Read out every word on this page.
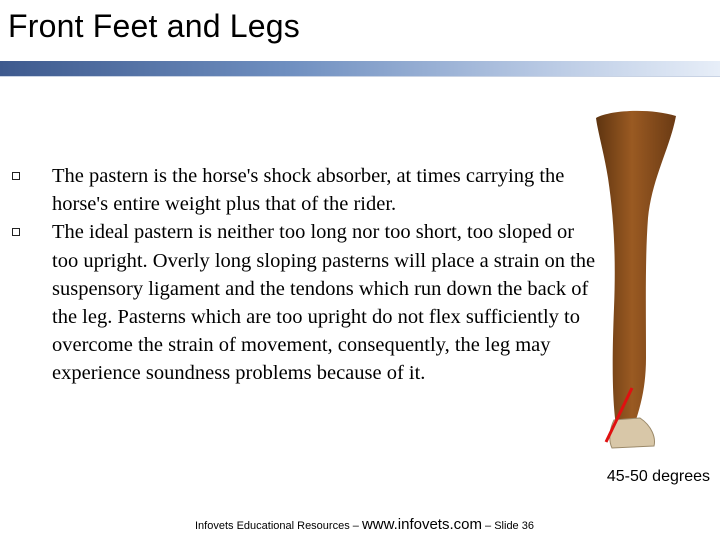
Front Feet and Legs
The pastern is the horse's shock absorber, at times carrying the horse's entire weight plus that of the rider.
The ideal pastern is neither too long nor too short, too sloped or too upright. Overly long sloping pasterns will place a strain on the suspensory ligament and the tendons which run down the back of the leg. Pasterns which are too upright do not flex sufficiently to overcome the strain of movement, consequently, the leg may experience soundness problems because of it.
45-50 degrees
Infovets Educational Resources – www.infovets.com – Slide 36
